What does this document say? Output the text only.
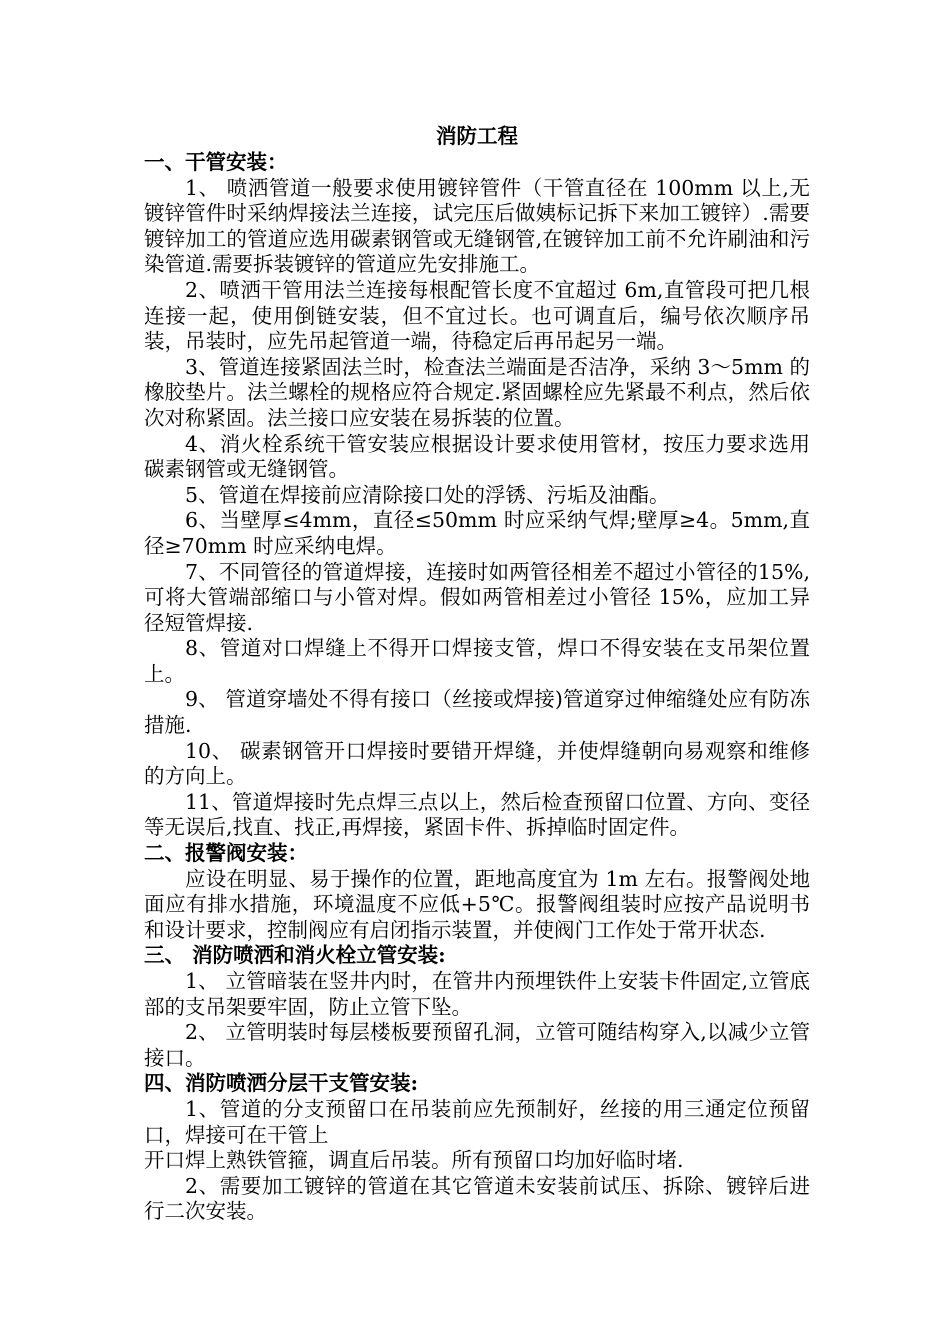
消防工程

一、干管安装：

1、 喷洒管道一般要求使用镀锌管件（干管直径在 100mm 以上,无镀锌管件时采纳焊接法兰连接，试完压后做姨标记拆下来加工镀锌）.需要镀锌加工的管道应选用碳素钢管或无缝钢管,在镀锌加工前不允许刷油和污染管道.需要拆装镀锌的管道应先安排施工。

2、喷洒干管用法兰连接每根配管长度不宜超过 6m,直管段可把几根连接一起，使用倒链安装，但不宜过长。也可调直后，编号依次顺序吊装，吊装时，应先吊起管道一端，待稳定后再吊起另一端。

3、管道连接紧固法兰时，检查法兰端面是否洁净，采纳 3～5mm 的橡胶垫片。法兰螺栓的规格应符合规定.紧固螺栓应先紧最不利点，然后依次对称紧固。法兰接口应安装在易拆装的位置。

4、消火栓系统干管安装应根据设计要求使用管材，按压力要求选用碳素钢管或无缝钢管。

5、管道在焊接前应清除接口处的浮锈、污垢及油酯。

6、当壁厚≤4mm，直径≤50mm 时应采纳气焊;壁厚≥4。5mm,直径≥70mm 时应采纳电焊。

7、不同管径的管道焊接，连接时如两管径相差不超过小管径的15%,可将大管端部缩口与小管对焊。假如两管相差过小管径 15%，应加工异径短管焊接.

8、管道对口焊缝上不得开口焊接支管，焊口不得安装在支吊架位置上。

9、 管道穿墙处不得有接口（丝接或焊接)管道穿过伸缩缝处应有防冻措施.

10、 碳素钢管开口焊接时要错开焊缝，并使焊缝朝向易观察和维修的方向上。

11、管道焊接时先点焊三点以上，然后检查预留口位置、方向、变径等无误后,找直、找正,再焊接，紧固卡件、拆掉临时固定件。

二、报警阀安装：

应设在明显、易于操作的位置，距地高度宜为 1m 左右。报警阀处地面应有排水措施，环境温度不应低+5℃。报警阀组装时应按产品说明书和设计要求，控制阀应有启闭指示装置，并使阀门工作处于常开状态.

三、 消防喷洒和消火栓立管安装:

1、 立管暗装在竖井内时，在管井内预埋铁件上安装卡件固定,立管底部的支吊架要牢固，防止立管下坠。

2、 立管明装时每层楼板要预留孔洞，立管可随结构穿入,以减少立管接口。

四、消防喷洒分层干支管安装:

1、管道的分支预留口在吊装前应先预制好，丝接的用三通定位预留口，焊接可在干管上

开口焊上熟铁管箍，调直后吊装。所有预留口均加好临时堵.

2、需要加工镀锌的管道在其它管道未安装前试压、拆除、镀锌后进行二次安装。
